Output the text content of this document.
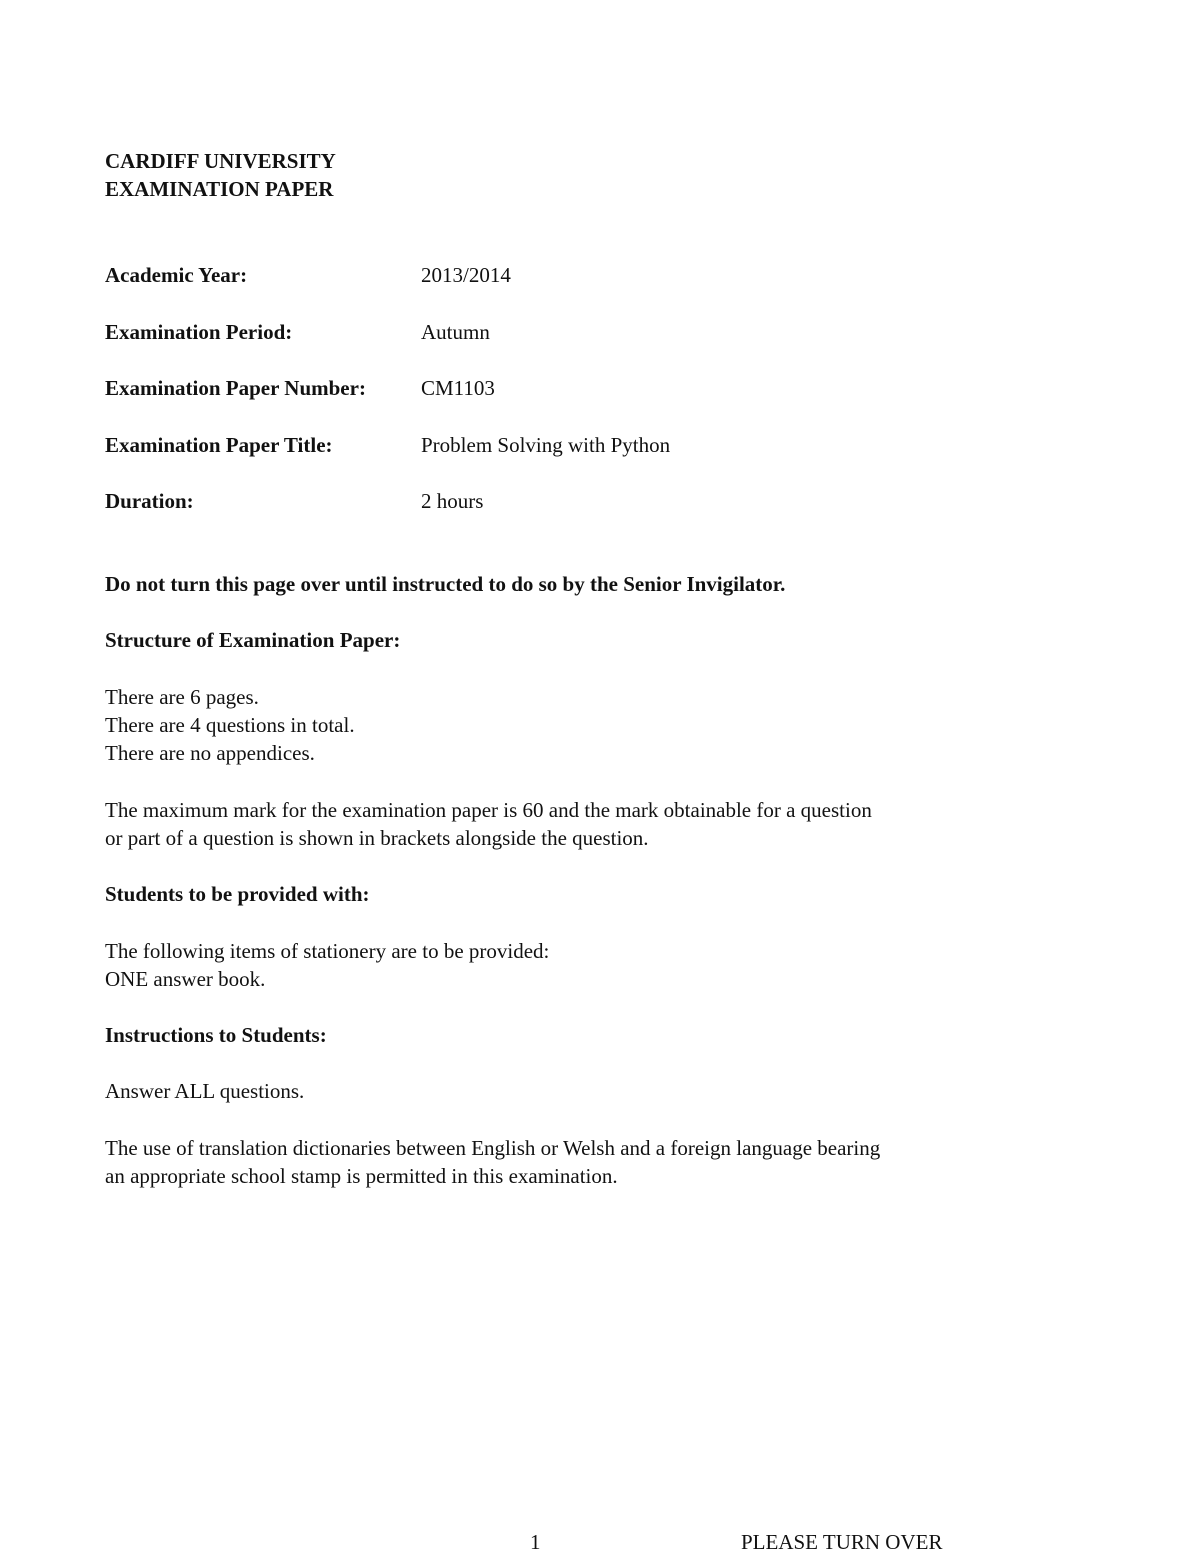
CARDIFF UNIVERSITY
EXAMINATION PAPER
Academic Year:	2013/2014
Examination Period:	Autumn
Examination Paper Number:	CM1103
Examination Paper Title:	Problem Solving with Python
Duration:	2 hours
Do not turn this page over until instructed to do so by the Senior Invigilator.
Structure of Examination Paper:
There are 6 pages.
There are 4 questions in total.
There are no appendices.
The maximum mark for the examination paper is 60 and the mark obtainable for a question
or part of a question is shown in brackets alongside the question.
Students to be provided with:
The following items of stationery are to be provided:
ONE answer book.
Instructions to Students:
Answer ALL questions.
The use of translation dictionaries between English or Welsh and a foreign language bearing
an appropriate school stamp is permitted in this examination.
1	PLEASE TURN OVER
